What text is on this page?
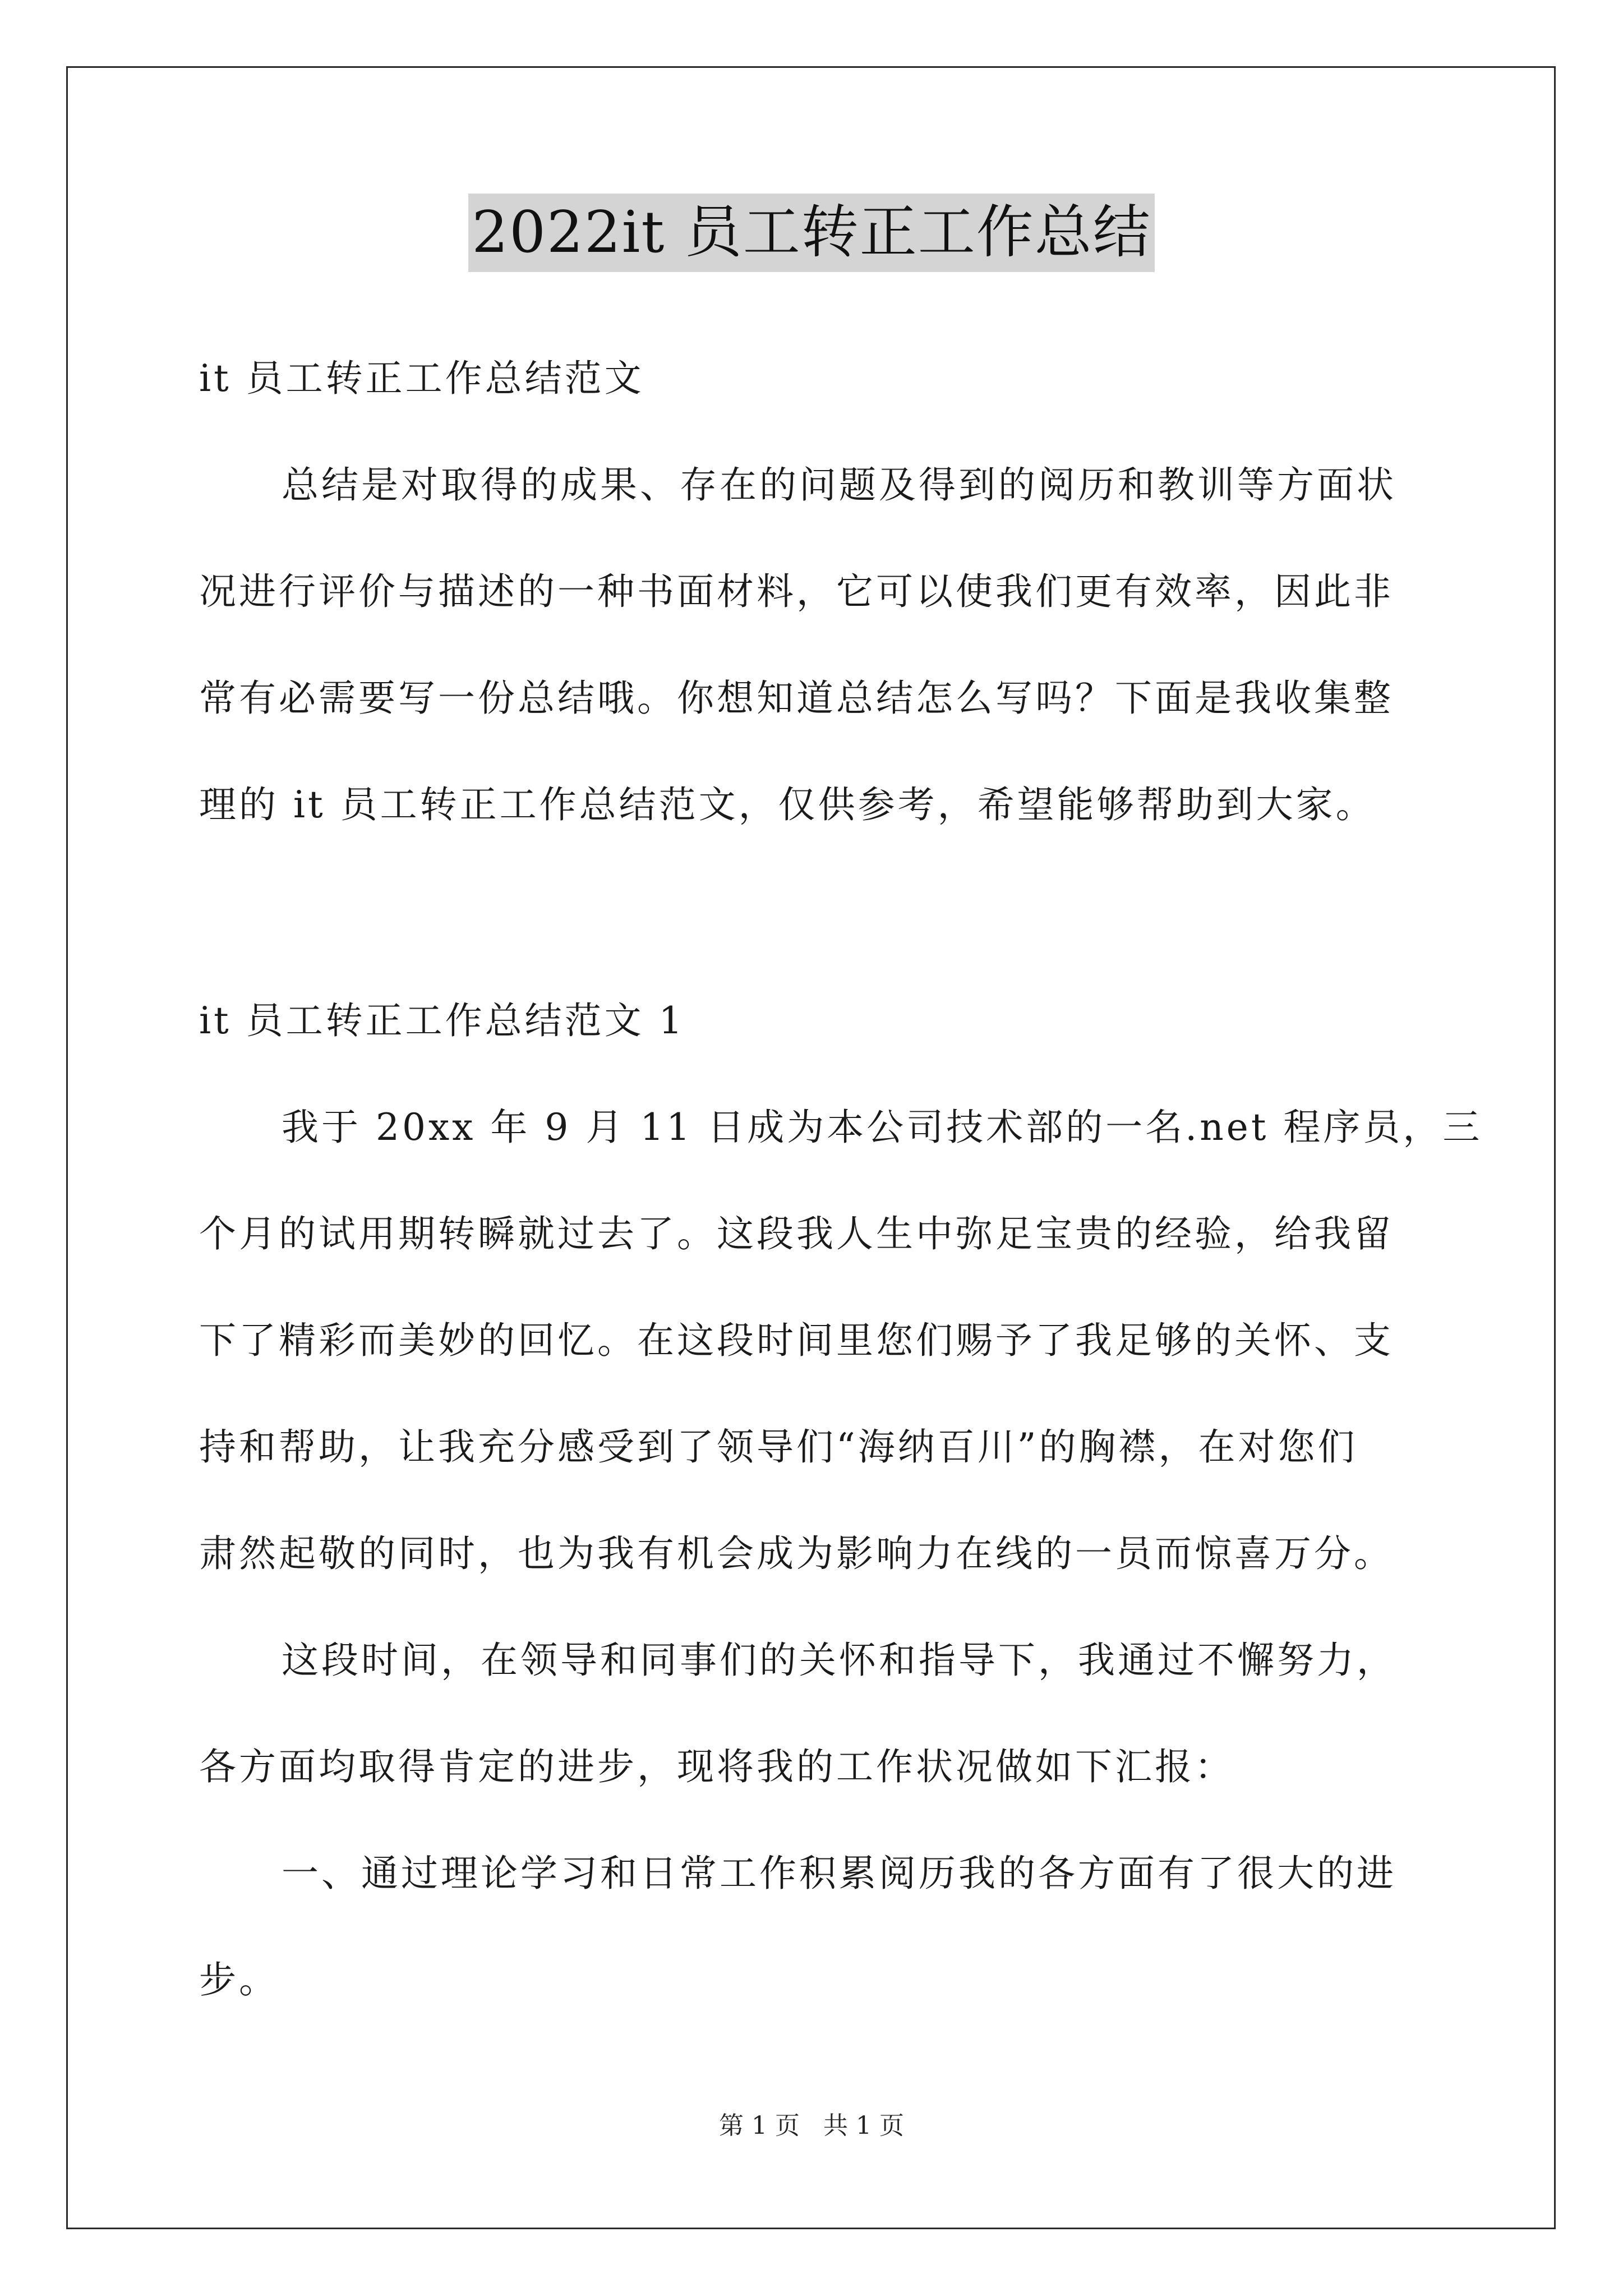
2022it 员工转正工作总结
it 员工转正工作总结范文
总结是对取得的成果、存在的问题及得到的阅历和教训等方面状
况进行评价与描述的一种书面材料，它可以使我们更有效率，因此非
常有必需要写一份总结哦。你想知道总结怎么写吗？下面是我收集整
理的 it 员工转正工作总结范文，仅供参考，希望能够帮助到大家。
it 员工转正工作总结范文 1
我于 20xx 年 9 月 11 日成为本公司技术部的一名.net 程序员，三
个月的试用期转瞬就过去了。这段我人生中弥足宝贵的经验，给我留
下了精彩而美妙的回忆。在这段时间里您们赐予了我足够的关怀、支
持和帮助，让我充分感受到了领导们“海纳百川”的胸襟，在对您们
肃然起敬的同时，也为我有机会成为影响力在线的一员而惊喜万分。
这段时间，在领导和同事们的关怀和指导下，我通过不懈努力，
各方面均取得肯定的进步，现将我的工作状况做如下汇报：
一、通过理论学习和日常工作积累阅历我的各方面有了很大的进
步。
第 1 页   共 1 页
